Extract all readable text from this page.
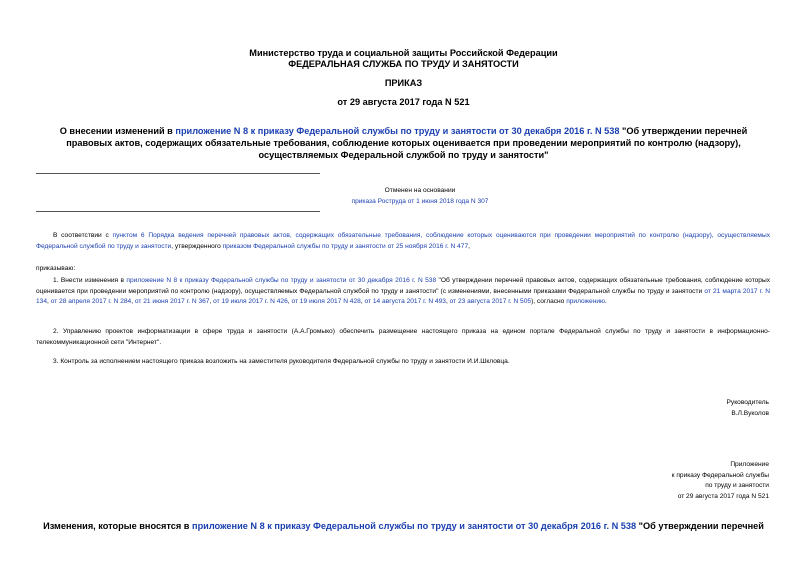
Министерство труда и социальной защиты Российской Федерации
ФЕДЕРАЛЬНАЯ СЛУЖБА ПО ТРУДУ И ЗАНЯТОСТИ
ПРИКАЗ
от 29 августа 2017 года N 521
О внесении изменений в приложение N 8 к приказу Федеральной службы по труду и занятости от 30 декабря 2016 г. N 538 "Об утверждении перечней правовых актов, содержащих обязательные требования, соблюдение которых оценивается при проведении мероприятий по контролю (надзору), осуществляемых Федеральной службой по труду и занятости"
Отменен на основании
приказа Роструда от 1 июня 2018 года N 307
В соответствии с пунктом 6 Порядка ведения перечней правовых актов, содержащих обязательные требования, соблюдение которых оцениваются при проведении мероприятий по контролю (надзору), осуществляемых Федеральной службой по труду и занятости, утвержденного приказом Федеральной службы по труду и занятости от 25 ноября 2016 г. N 477,
приказываю:
1. Внести изменения в приложение N 8 к приказу Федеральной службы по труду и занятости от 30 декабря 2016 г. N 538 "Об утверждении перечней правовых актов, содержащих обязательные требования, соблюдение которых оценивается при проведении мероприятий по контролю (надзору), осуществляемых Федеральной службой по труду и занятости" (с изменениями, внесенными приказами Федеральной службы по труду и занятости от 21 марта 2017 г. N 134, от 28 апреля 2017 г. N 284, от 21 июня 2017 г. N 367, от 19 июля 2017 г. N 426, от 19 июля 2017 N 428, от 14 августа 2017 г. N 493, от 23 августа 2017 г. N 505), согласно приложению.
2. Управлению проектов информатизации в сфере труда и занятости (А.А.Громыко) обеспечить размещение настоящего приказа на едином портале Федеральной службы по труду и занятости в информационно-телекоммуникационной сети "Интернет".
3. Контроль за исполнением настоящего приказа возложить на заместителя руководителя Федеральной службы по труду и занятости И.И.Шкловца.
Руководитель
В.Л.Вуколов
Приложение
к приказу Федеральной службы
по труду и занятости
от 29 августа 2017 года N 521
Изменения, которые вносятся в приложение N 8 к приказу Федеральной службы по труду и занятости от 30 декабря 2016 г. N 538 "Об утверждении перечней
